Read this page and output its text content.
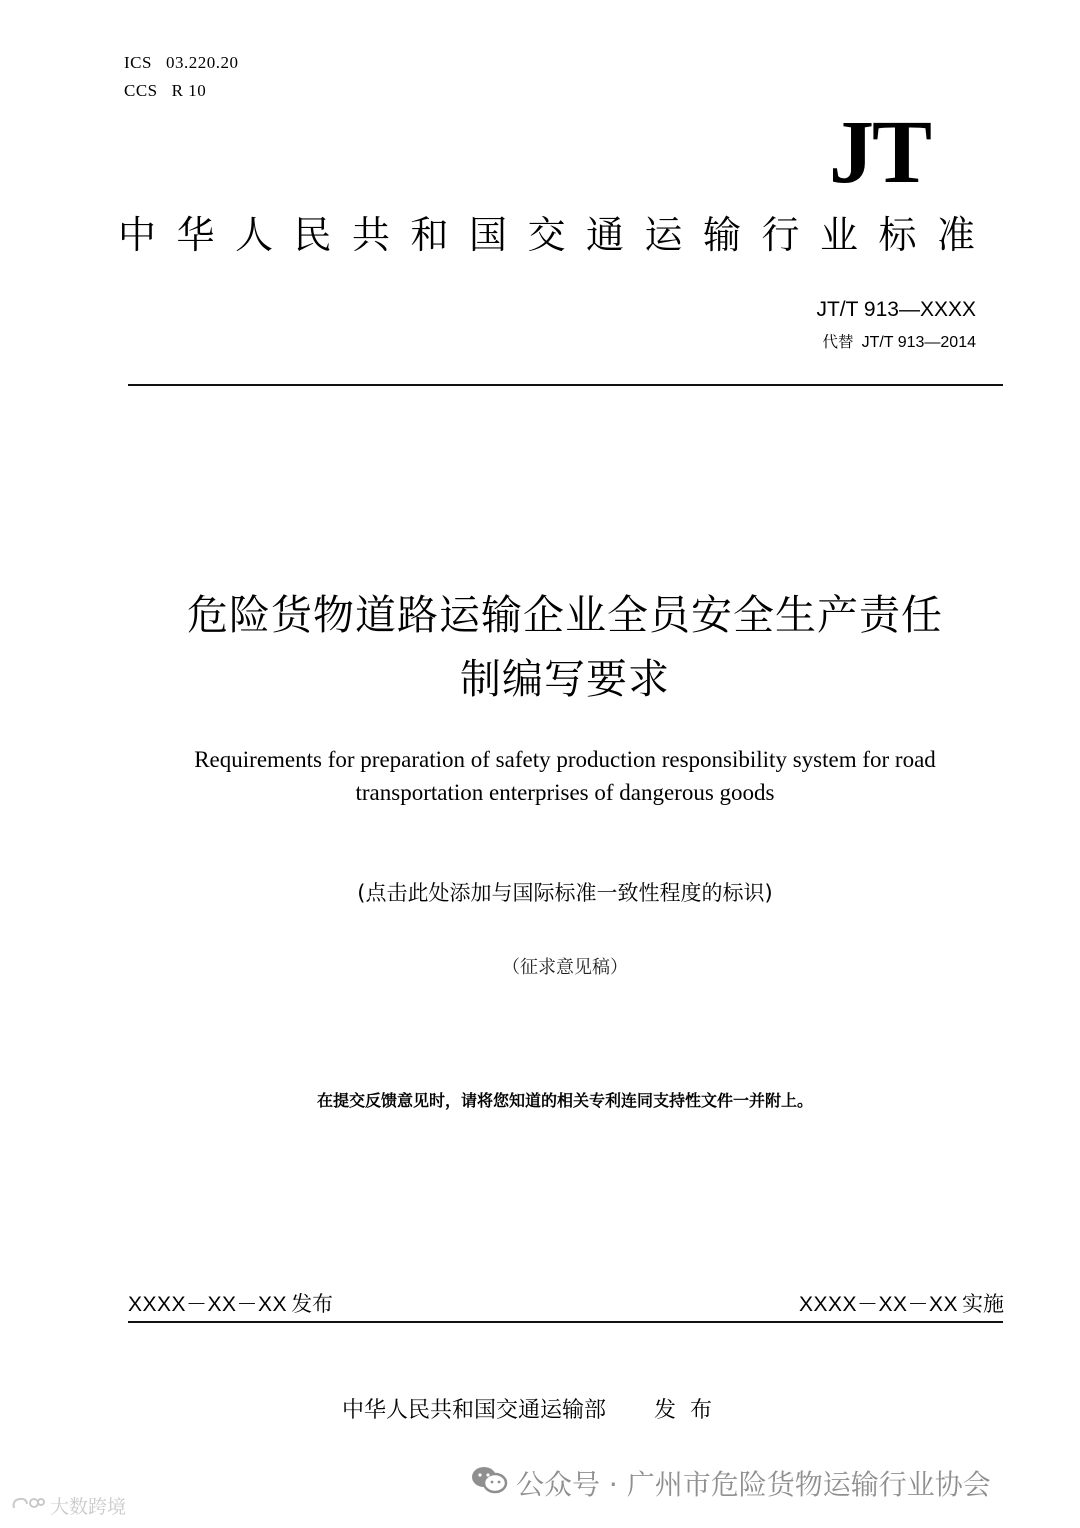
ICS 03.220.20
CCS R 10
JT
中华人民共和国交通运输行业标准
JT/T 913—XXXX
代替 JT/T 913—2014
危险货物道路运输企业全员安全生产责任
制编写要求
Requirements for preparation of safety production responsibility system for road
transportation enterprises of dangerous goods
(点击此处添加与国际标准一致性程度的标识)
（征求意见稿）
在提交反馈意见时，请将您知道的相关专利连同支持性文件一并附上。
XXXX－XX－XX 发布	XXXX－XX－XX 实施
中华人民共和国交通运输部 发布
大数跨境
公众号 · 广州市危险货物运输行业协会
